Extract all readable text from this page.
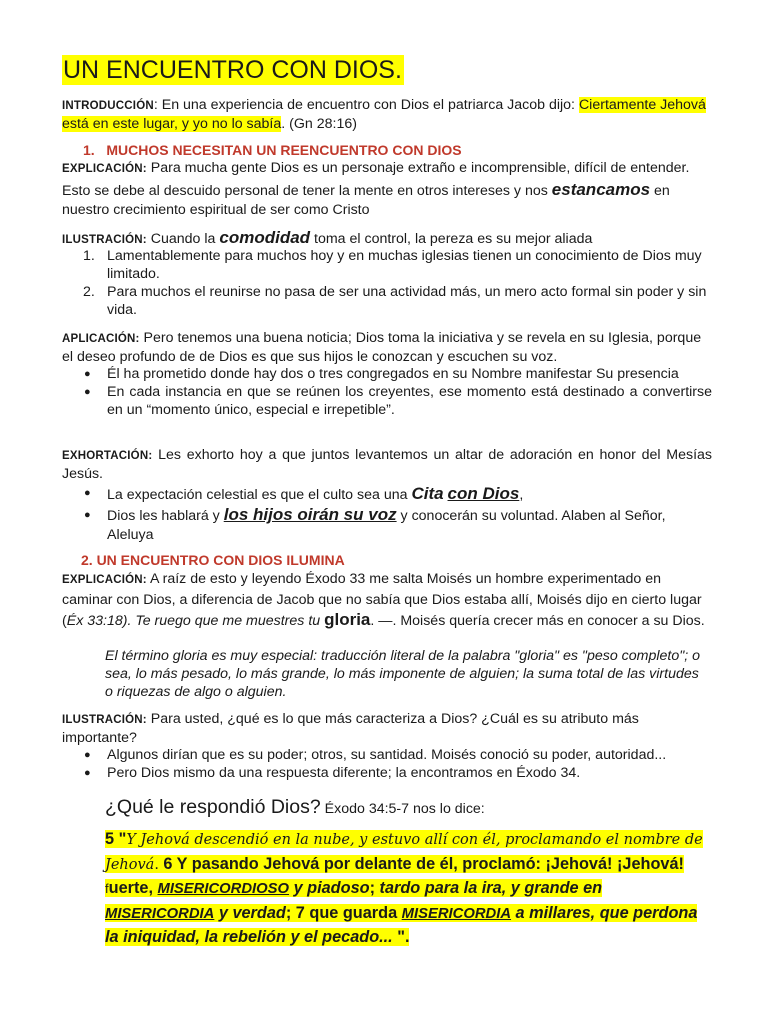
UN ENCUENTRO CON DIOS.
INTRODUCCIÓN: En una experiencia de encuentro con Dios el patriarca Jacob dijo: Ciertamente Jehová está en este lugar, y yo no lo sabía. (Gn 28:16)
1. MUCHOS NECESITAN UN REENCUENTRO CON DIOS
EXPLICACIÓN: Para mucha gente Dios es un personaje extraño e incomprensible, difícil de entender. Esto se debe al descuido personal de tener la mente en otros intereses y nos estancamos en nuestro crecimiento espiritual de ser como Cristo
ILUSTRACIÓN: Cuando la comodidad toma el control, la pereza es su mejor aliada
1. Lamentablemente para muchos hoy y en muchas iglesias tienen un conocimiento de Dios muy limitado.
2. Para muchos el reunirse no pasa de ser una actividad más, un mero acto formal sin poder y sin vida.
APLICACIÓN: Pero tenemos una buena noticia; Dios toma la iniciativa y se revela en su Iglesia, porque el deseo profundo de de Dios es que sus hijos le conozcan y escuchen su voz.
● Él ha prometido donde hay dos o tres congregados en su Nombre manifestar Su presencia
● En cada instancia en que se reúnen los creyentes, ese momento está destinado a convertirse en un “momento único, especial e irrepetible”.
EXHORTACIÓN: Les exhorto hoy a que juntos levantemos un altar de adoración en honor del Mesías Jesús.
● La expectación celestial es que el culto sea una Cita con Dios,
● Dios les hablará y los hijos oirán su voz y conocerán su voluntad. Alaben al Señor, Aleluya
2. UN ENCUENTRO CON DIOS ILUMINA
EXPLICACIÓN: A raíz de esto y leyendo Éxodo 33 me salta Moisés un hombre experimentado en caminar con Dios, a diferencia de Jacob que no sabía que Dios estaba allí, Moisés dijo en cierto lugar (Éx 33:18). Te ruego que me muestres tu gloria. —. Moisés quería crecer más en conocer a su Dios.
El término gloria es muy especial: traducción literal de la palabra "gloria" es "peso completo"; o sea, lo más pesado, lo más grande, lo más imponente de alguien; la suma total de las virtudes o riquezas de algo o alguien.
ILUSTRACIÓN: Para usted, ¿qué es lo que más caracteriza a Dios? ¿Cuál es su atributo más importante?
● Algunos dirían que es su poder; otros, su santidad. Moisés conoció su poder, autoridad...
● Pero Dios mismo da una respuesta diferente; la encontramos en Éxodo 34.
¿Qué le respondió Dios? Éxodo 34:5-7 nos lo dice:
5 "Y Jehová descendió en la nube, y estuvo allí con él, proclamando el nombre de Jehová. 6 Y pasando Jehová por delante de él, proclamó: ¡Jehová! ¡Jehová!
fuerte, MISERICORDIOSO y piadoso; tardo para la ira, y grande en
MISERICORDIA y verdad; 7 que guarda MISERICORDIA a millares, que perdona la iniquidad, la rebelión y el pecado... ".
